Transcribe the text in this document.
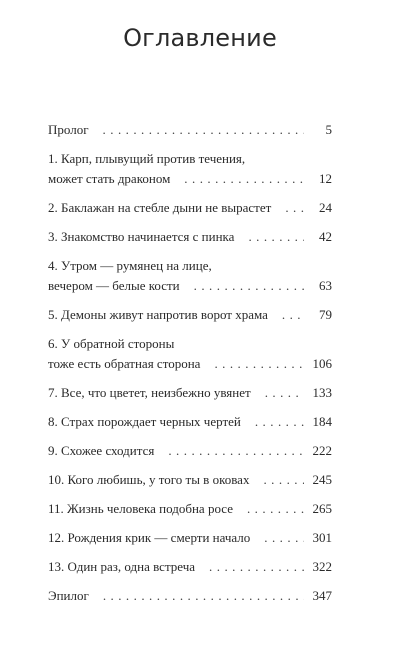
Оглавление
Пролог . . .	5
1. Карп, плывущий против течения,
может стать драконом . . .	12
2. Баклажан на стебле дыни не вырастет . . .	24
3. Знакомство начинается с пинка . . .	42
4. Утром — румянец на лице,
вечером — белые кости . . .	63
5. Демоны живут напротив ворот храма . . .	79
6. У обратной стороны
тоже есть обратная сторона . . .	106
7. Все, что цветет, неизбежно увянет . . .	133
8. Страх порождает черных чертей . . .	184
9. Схожее сходится . . .	222
10. Кого любишь, у того ты в оковах . . .	245
11. Жизнь человека подобна росе . . .	265
12. Рождения крик — смерти начало . . .	301
13. Один раз, одна встреча . . .	322
Эпилог . . .	347
